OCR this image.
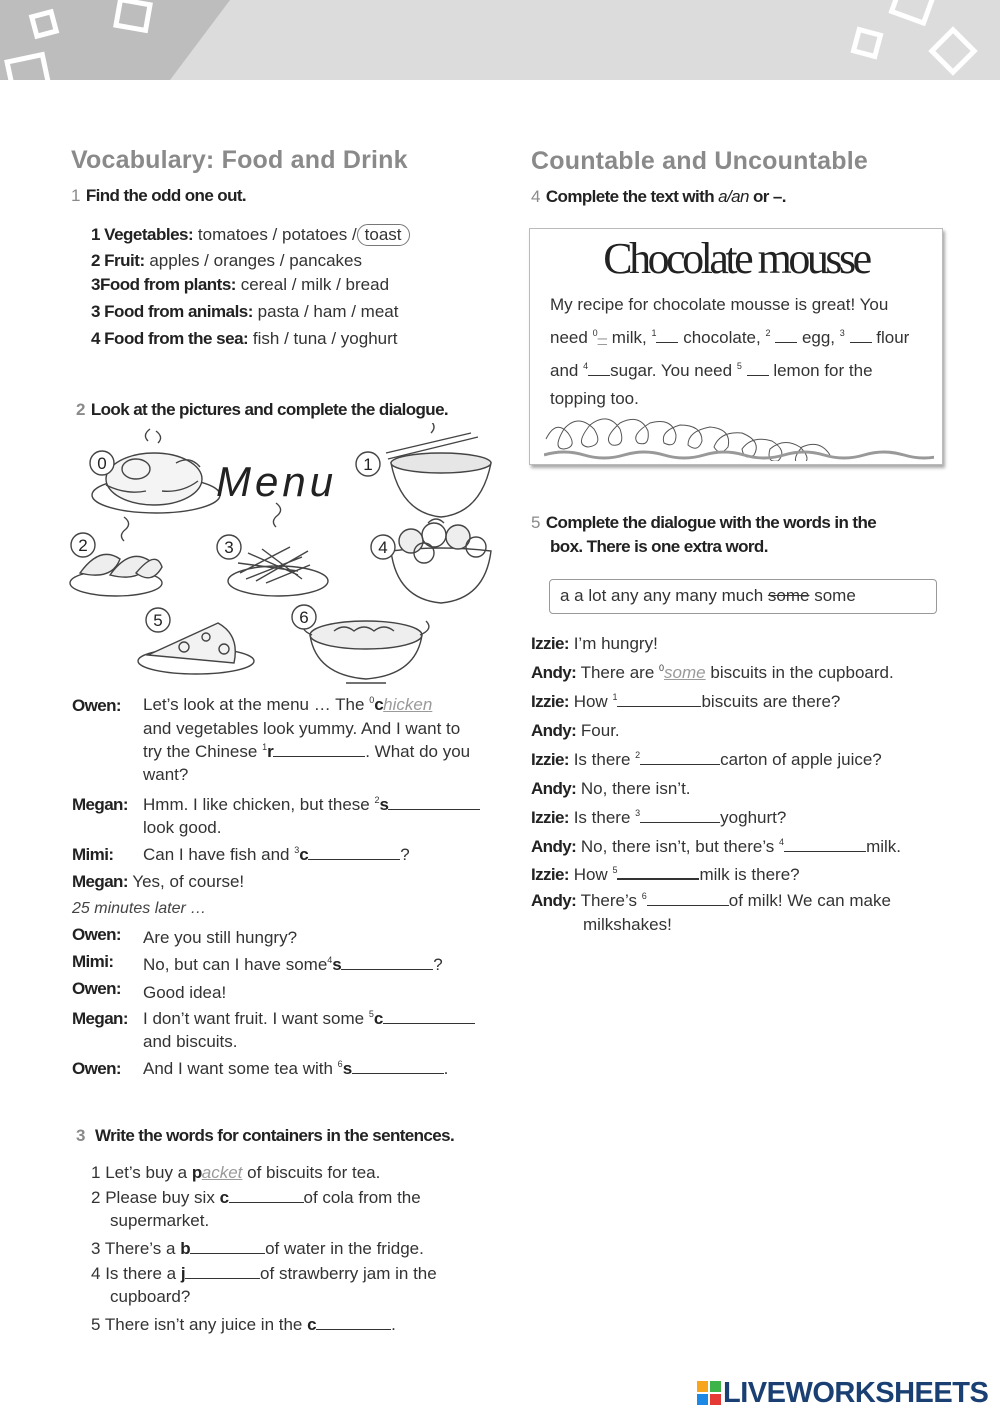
Vocabulary: Food and Drink
1 Find the odd one out.
1 Vegetables: tomatoes / potatoes / toast
2 Fruit: apples / oranges / pancakes
3Food from plants: cereal / milk / bread
3 Food from animals: pasta / ham / meat
4 Food from the sea: fish / tuna / yoghurt
2 Look at the pictures and complete the dialogue.
0	1
2	3	4
5	6
Menu
Owen: Let’s look at the menu … The $^0$chicken
and vegetables look yummy. And I want to
try the Chinese $^1$r	. What do you
want?
Megan: Hmm. I like chicken, but these $^2$s
look good.
Mimi: Can I have fish and $^3$c	?
Megan: Yes, of course!
25 minutes later …
Owen: Are you still hungry?
Mimi: No, but can I have some$^4$s	?
Owen: Good idea!
Megan: I don’t want fruit. I want some $^5$c
and biscuits.
Owen: And I want some tea with $^6$s	.
3 Write the words for containers in the sentences.
1 Let’s buy a packet of biscuits for tea.
2 Please buy six c	of cola from the
supermarket.
3 There’s a b	of water in the fridge.
4 Is there a j	of strawberry jam in the
cupboard?
5 There isn’t any juice in the c	.
Countable and Uncountable
4 Complete the text with a/an or –.
Chocolate mousse
My recipe for chocolate mousse is great! You
need $^0$– milk, $^1$ chocolate, $^2$ egg, $^3$ flour
and $^4$ sugar. You need $^5$ lemon for the
topping too.
5 Complete the dialogue with the words in the
box. There is one extra word.
a a lot any any many much some some
Izzie: I’m hungry!
Andy: There are $^0$some biscuits in the cupboard.
Izzie: How $^1$	biscuits are there?
Andy: Four.
Izzie: Is there $^2$	carton of apple juice?
Andy: No, there isn’t.
Izzie: Is there $^3$	yoghurt?
Andy: No, there isn’t, but there’s $^4$	milk.
Izzie: How $^5$	milk is there?
Andy: There’s $^6$	of milk! We can make
milkshakes!
LIVEWORKSHEETS
